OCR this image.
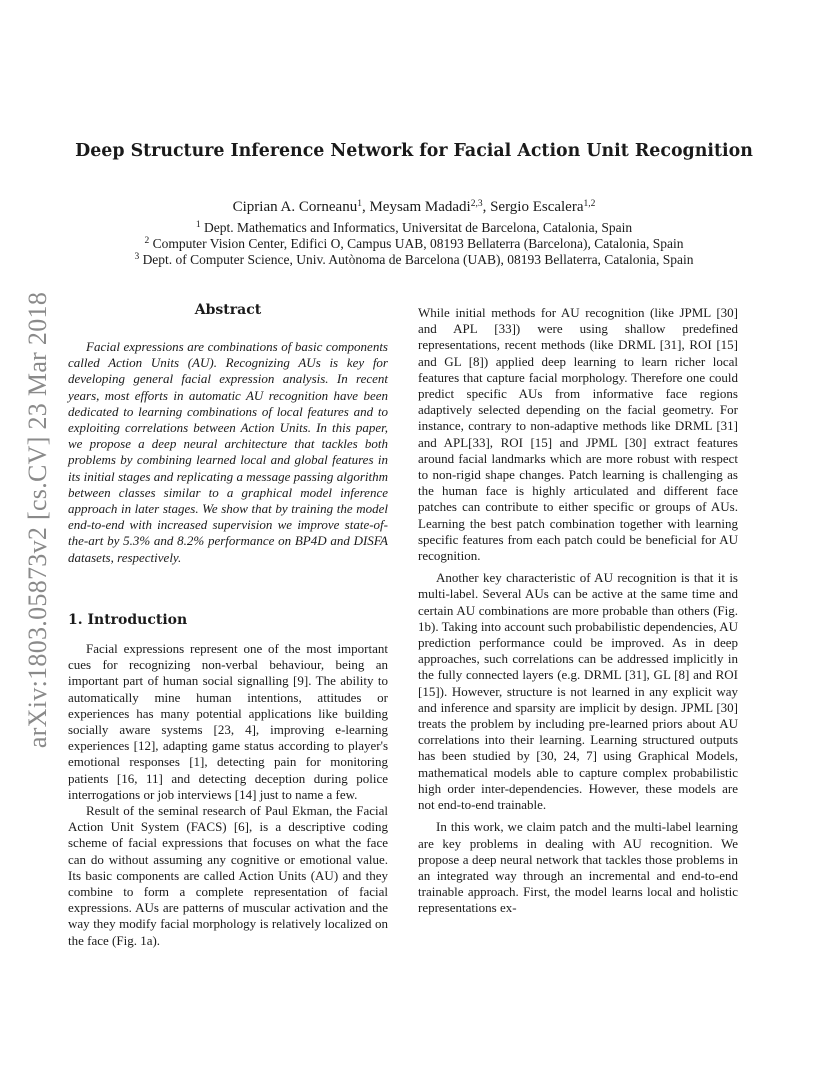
arXiv:1803.05873v2 [cs.CV] 23 Mar 2018
Deep Structure Inference Network for Facial Action Unit Recognition
Ciprian A. Corneanu$^1$, Meysam Madadi$^{2,3}$, Sergio Escalera$^{1,2}$
$^1$ Dept. Mathematics and Informatics, Universitat de Barcelona, Catalonia, Spain
$^2$ Computer Vision Center, Edifici O, Campus UAB, 08193 Bellaterra (Barcelona), Catalonia, Spain
$^3$ Dept. of Computer Science, Univ. Autònoma de Barcelona (UAB), 08193 Bellaterra, Catalonia, Spain
Abstract

Facial expressions are combinations of basic components called Action Units (AU). Recognizing AUs is key for developing general facial expression analysis. In recent years, most efforts in automatic AU recognition have been dedicated to learning combinations of local features and to exploiting correlations between Action Units. In this paper, we propose a deep neural architecture that tackles both problems by combining learned local and global features in its initial stages and replicating a message passing algorithm between classes similar to a graphical model inference approach in later stages. We show that by training the model end-to-end with increased supervision we improve state-of-the-art by 5.3% and 8.2% performance on BP4D and DISFA datasets, respectively.

1. Introduction

Facial expressions represent one of the most important cues for recognizing non-verbal behaviour, being an important part of human social signalling [9]. The ability to automatically mine human intentions, attitudes or experiences has many potential applications like building socially aware systems [23, 4], improving e-learning experiences [12], adapting game status according to player's emotional responses [1], detecting pain for monitoring patients [16, 11] and detecting deception during police interrogations or job interviews [14] just to name a few.

Result of the seminal research of Paul Ekman, the Facial Action Unit System (FACS) [6], is a descriptive coding scheme of facial expressions that focuses on what the face can do without assuming any cognitive or emotional value. Its basic components are called Action Units (AU) and they combine to form a complete representation of facial expressions. AUs are patterns of muscular activation and the way they modify facial morphology is relatively localized on the face (Fig. 1a).

While initial methods for AU recognition (like JPML [30] and APL [33]) were using shallow predefined representations, recent methods (like DRML [31], ROI [15] and GL [8]) applied deep learning to learn richer local features that capture facial morphology. Therefore one could predict specific AUs from informative face regions adaptively selected depending on the facial geometry. For instance, contrary to non-adaptive methods like DRML [31] and APL[33], ROI [15] and JPML [30] extract features around facial landmarks which are more robust with respect to non-rigid shape changes. Patch learning is challenging as the human face is highly articulated and different face patches can contribute to either specific or groups of AUs. Learning the best patch combination together with learning specific features from each patch could be beneficial for AU recognition.

Another key characteristic of AU recognition is that it is multi-label. Several AUs can be active at the same time and certain AU combinations are more probable than others (Fig. 1b). Taking into account such probabilistic dependencies, AU prediction performance could be improved. As in deep approaches, such correlations can be addressed implicitly in the fully connected layers (e.g. DRML [31], GL [8] and ROI [15]). However, structure is not learned in any explicit way and inference and sparsity are implicit by design. JPML [30] treats the problem by including pre-learned priors about AU correlations into their learning. Learning structured outputs has been studied by [30, 24, 7] using Graphical Models, mathematical models able to capture complex probabilistic high order inter-dependencies. However, these models are not end-to-end trainable.

In this work, we claim patch and the multi-label learning are key problems in dealing with AU recognition. We propose a deep neural network that tackles those problems in an integrated way through an incremental and end-to-end trainable approach. First, the model learns local and holistic representations ex-
